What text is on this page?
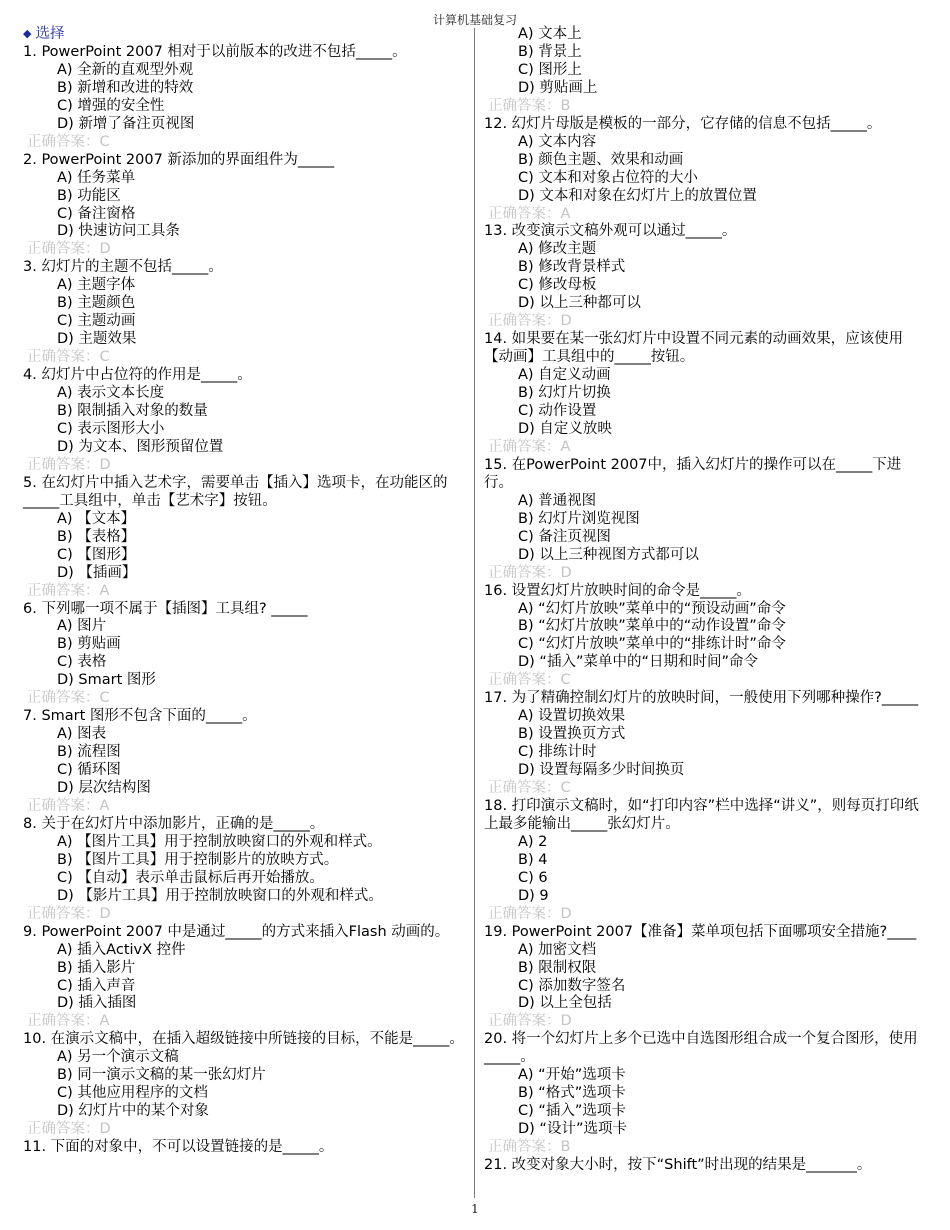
计算机基础复习
◆ 选择
1. PowerPoint 2007 相对于以前版本的改进不包括_____。
A) 全新的直观型外观
B) 新增和改进的特效
C) 增强的安全性
D) 新增了备注页视图
正确答案：C
2. PowerPoint 2007 新添加的界面组件为_____
A) 任务菜单
B) 功能区
C) 备注窗格
D) 快速访问工具条
正确答案：D
3. 幻灯片的主题不包括_____。
A) 主题字体
B) 主题颜色
C) 主题动画
D) 主题效果
正确答案：C
4. 幻灯片中占位符的作用是_____。
A) 表示文本长度
B) 限制插入对象的数量
C) 表示图形大小
D) 为文本、图形预留位置
正确答案：D
5. 在幻灯片中插入艺术字，需要单击【插入】选项卡，在功能区的_____工具组中，单击【艺术字】按钮。
A) 【文本】
B) 【表格】
C) 【图形】
D) 【插画】
正确答案：A
6. 下列哪一项不属于【插图】工具组? _____
A) 图片
B) 剪贴画
C) 表格
D) Smart 图形
正确答案：C
7. Smart 图形不包含下面的_____。
A) 图表
B) 流程图
C) 循环图
D) 层次结构图
正确答案：A
8. 关于在幻灯片中添加影片，正确的是_____。
A) 【图片工具】用于控制放映窗口的外观和样式。
B) 【图片工具】用于控制影片的放映方式。
C) 【自动】表示单击鼠标后再开始播放。
D) 【影片工具】用于控制放映窗口的外观和样式。
正确答案：D
9. PowerPoint 2007 中是通过_____的方式来插入Flash 动画的。
A) 插入ActivX 控件
B) 插入影片
C) 插入声音
D) 插入插图
正确答案：A
10. 在演示文稿中，在插入超级链接中所链接的目标，不能是_____。
A) 另一个演示文稿
B) 同一演示文稿的某一张幻灯片
C) 其他应用程序的文档
D) 幻灯片中的某个对象
正确答案：D
11. 下面的对象中，不可以设置链接的是_____。
A) 文本上
B) 背景上
C) 图形上
D) 剪贴画上
正确答案：B
12. 幻灯片母版是模板的一部分，它存储的信息不包括_____。
A) 文本内容
B) 颜色主题、效果和动画
C) 文本和对象占位符的大小
D) 文本和对象在幻灯片上的放置位置
正确答案：A
13. 改变演示文稿外观可以通过_____。
A) 修改主题
B) 修改背景样式
C) 修改母板
D) 以上三种都可以
正确答案：D
14. 如果要在某一张幻灯片中设置不同元素的动画效果，应该使用【动画】工具组中的_____按钮。
A) 自定义动画
B) 幻灯片切换
C) 动作设置
D) 自定义放映
正确答案：A
15. 在PowerPoint 2007中，插入幻灯片的操作可以在_____下进行。
A) 普通视图
B) 幻灯片浏览视图
C) 备注页视图
D) 以上三种视图方式都可以
正确答案：D
16. 设置幻灯片放映时间的命令是_____。
A) “幻灯片放映”菜单中的“预设动画”命令
B) “幻灯片放映”菜单中的“动作设置”命令
C) “幻灯片放映”菜单中的“排练计时”命令
D) “插入”菜单中的“日期和时间”命令
正确答案：C
17. 为了精确控制幻灯片的放映时间，一般使用下列哪种操作?_____
A) 设置切换效果
B) 设置换页方式
C) 排练计时
D) 设置每隔多少时间换页
正确答案：C
18. 打印演示文稿时，如“打印内容”栏中选择“讲义”，则每页打印纸上最多能输出_____张幻灯片。
A) 2
B) 4
C) 6
D) 9
正确答案：D
19. PowerPoint 2007【准备】菜单项包括下面哪项安全措施?____
A) 加密文档
B) 限制权限
C) 添加数字签名
D) 以上全包括
正确答案：D
20. 将一个幻灯片上多个已选中自选图形组合成一个复合图形，使用_____。
A) “开始”选项卡
B) “格式”选项卡
C) “插入”选项卡
D) “设计”选项卡
正确答案：B
21. 改变对象大小时，按下“Shift”时出现的结果是_______。
1
